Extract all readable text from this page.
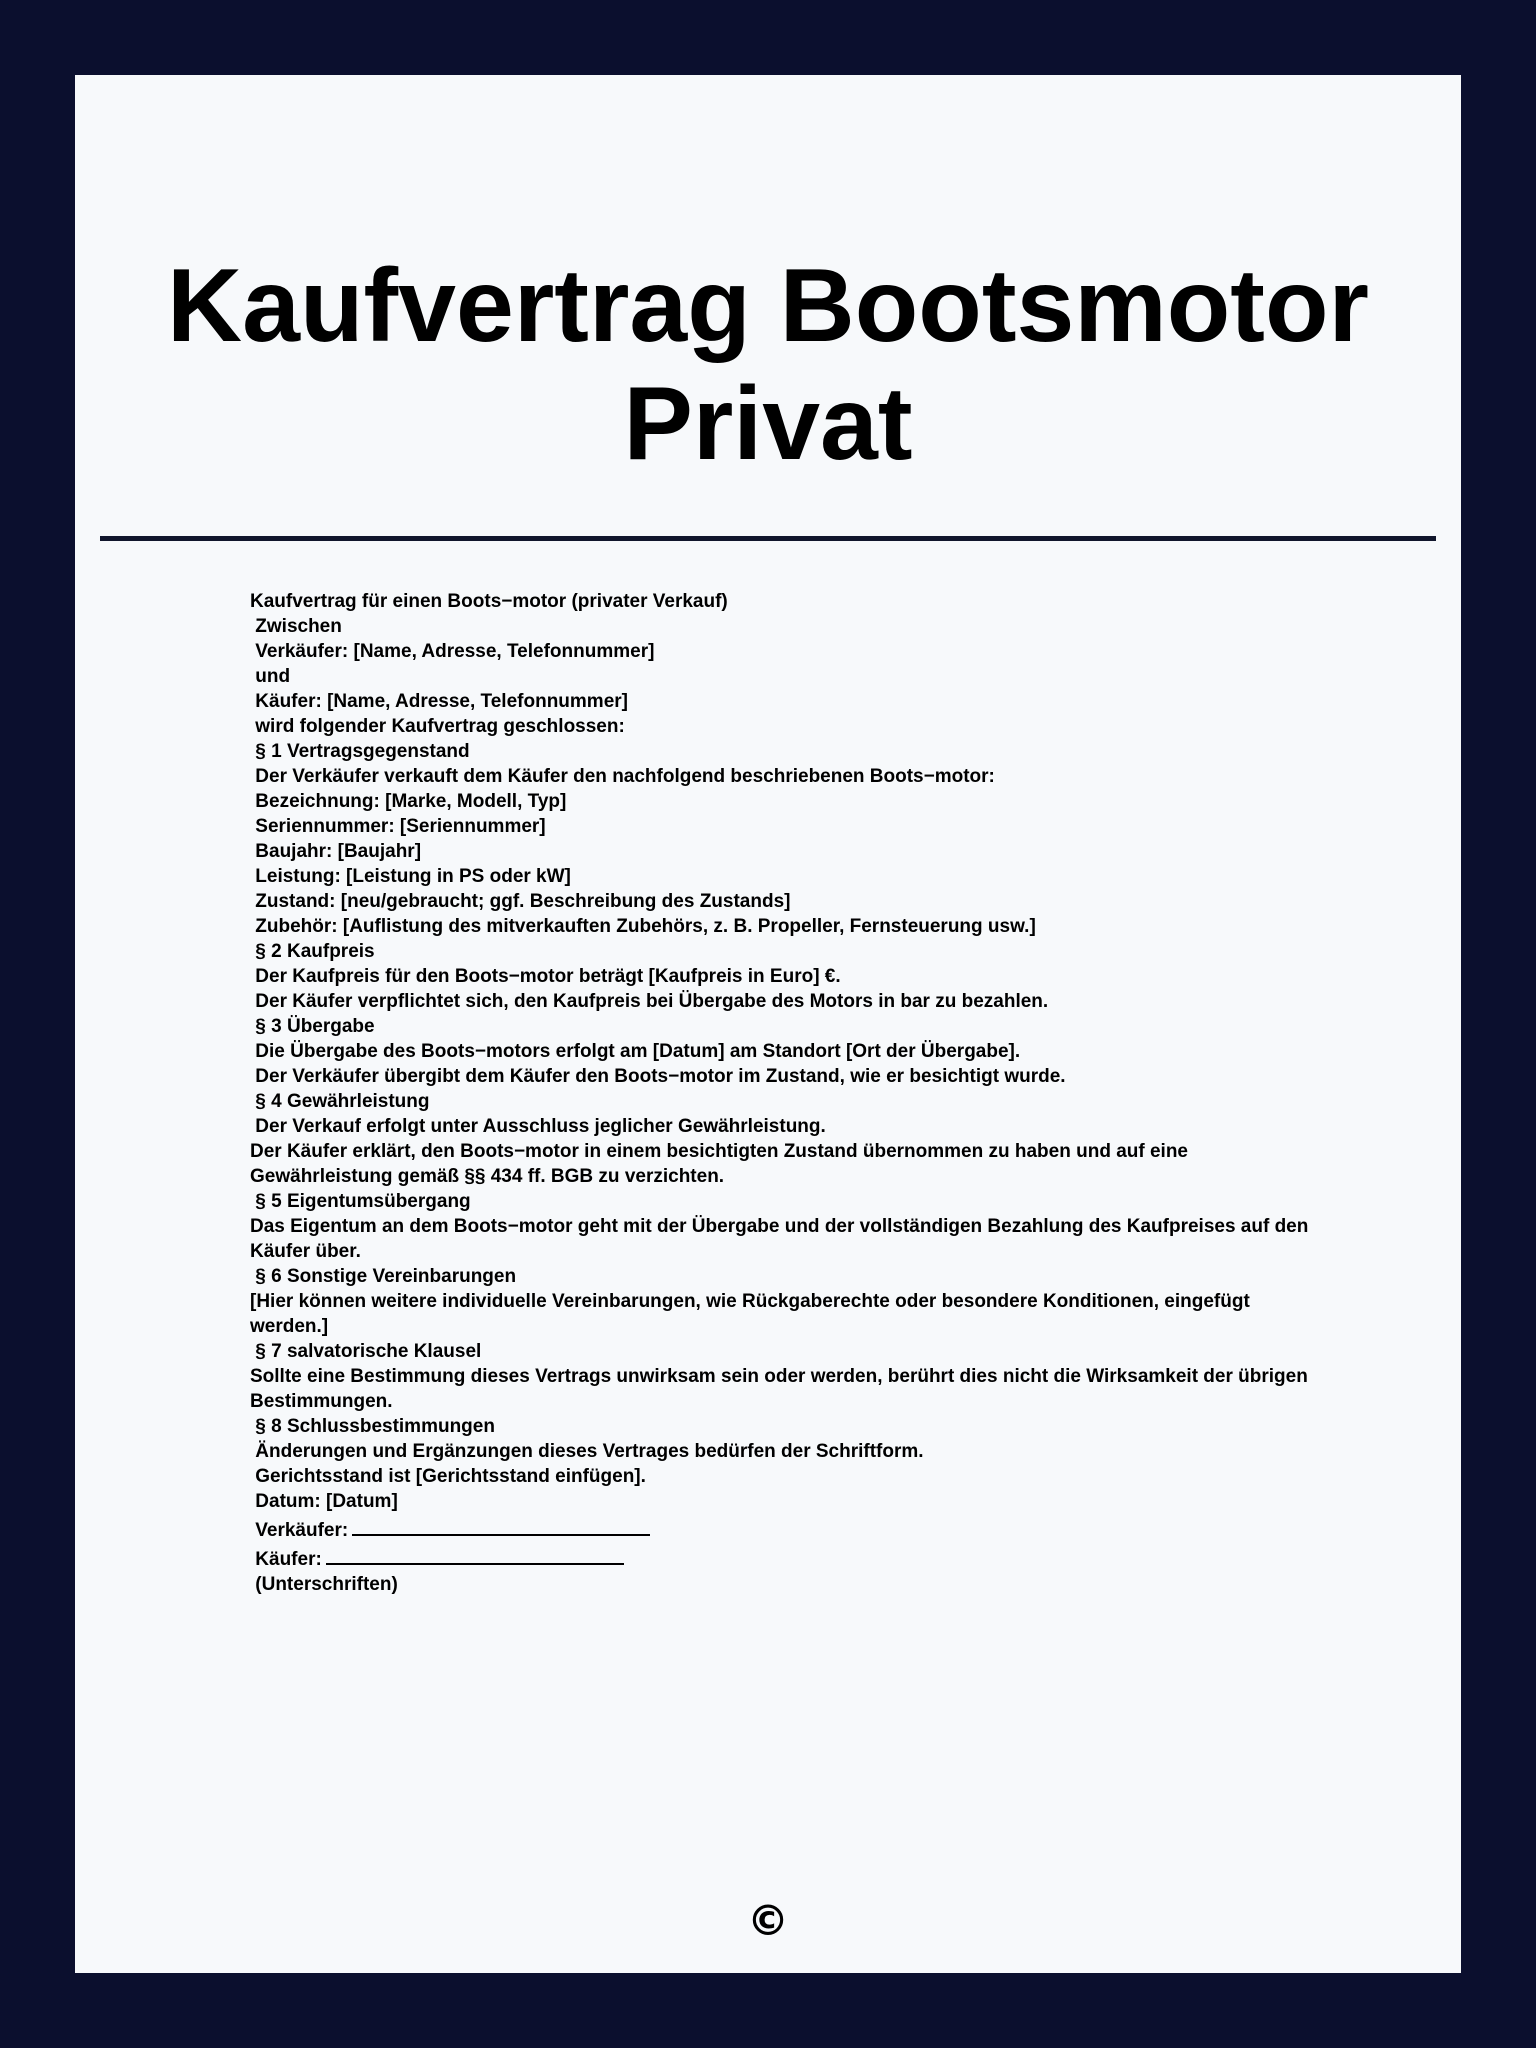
Kaufvertrag Bootsmotor Privat
Kaufvertrag für einen Boots−motor (privater Verkauf)
Zwischen
Verkäufer: [Name, Adresse, Telefonnummer]
und
Käufer: [Name, Adresse, Telefonnummer]
wird folgender Kaufvertrag geschlossen:
§ 1 Vertragsgegenstand
Der Verkäufer verkauft dem Käufer den nachfolgend beschriebenen Boots−motor:
Bezeichnung: [Marke, Modell, Typ]
Seriennummer: [Seriennummer]
Baujahr: [Baujahr]
Leistung: [Leistung in PS oder kW]
Zustand: [neu/gebraucht; ggf. Beschreibung des Zustands]
Zubehör: [Auflistung des mitverkauften Zubehörs, z. B. Propeller, Fernsteuerung usw.]
§ 2 Kaufpreis
Der Kaufpreis für den Boots−motor beträgt [Kaufpreis in Euro] €.
Der Käufer verpflichtet sich, den Kaufpreis bei Übergabe des Motors in bar zu bezahlen.
§ 3 Übergabe
Die Übergabe des Boots−motors erfolgt am [Datum] am Standort [Ort der Übergabe].
Der Verkäufer übergibt dem Käufer den Boots−motor im Zustand, wie er besichtigt wurde.
§ 4 Gewährleistung
Der Verkauf erfolgt unter Ausschluss jeglicher Gewährleistung.
Der Käufer erklärt, den Boots−motor in einem besichtigten Zustand übernommen zu haben und auf eine Gewährleistung gemäß §§ 434 ff. BGB zu verzichten.
§ 5 Eigentumsübergang
Das Eigentum an dem Boots−motor geht mit der Übergabe und der vollständigen Bezahlung des Kaufpreises auf den Käufer über.
§ 6 Sonstige Vereinbarungen
[Hier können weitere individuelle Vereinbarungen, wie Rückgaberechte oder besondere Konditionen, eingefügt werden.]
§ 7 salvatorische Klausel
Sollte eine Bestimmung dieses Vertrags unwirksam sein oder werden, berührt dies nicht die Wirksamkeit der übrigen Bestimmungen.
§ 8 Schlussbestimmungen
Änderungen und Ergänzungen dieses Vertrages bedürfen der Schriftform.
Gerichtsstand ist [Gerichtsstand einfügen].
Datum: [Datum]
Verkäufer:
Käufer:
(Unterschriften)
©
